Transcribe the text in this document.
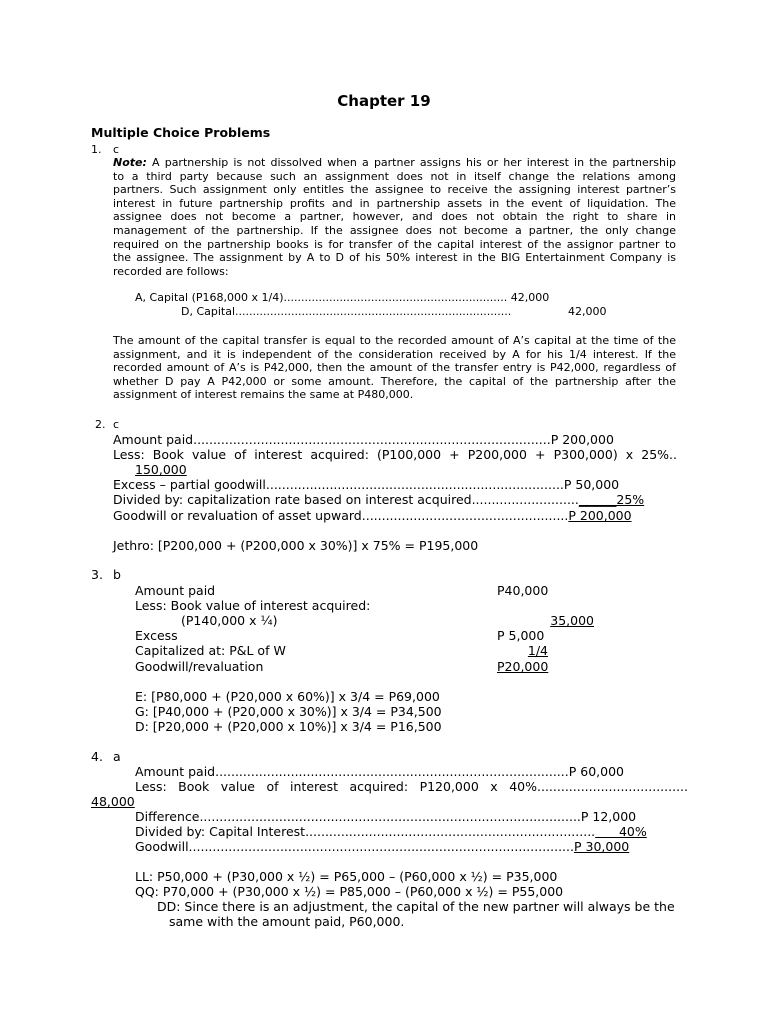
Chapter 19
Multiple Choice Problems
1. c
Note: A partnership is not dissolved when a partner assigns his or her interest in the partnership
to a third party because such an assignment does not in itself change the relations among
partners. Such assignment only entitles the assignee to receive the assigning interest partner’s
interest in future partnership profits and in partnership assets in the event of liquidation. The
assignee does not become a partner, however, and does not obtain the right to share in
management of the partnership. If the assignee does not become a partner, the only change
required on the partnership books is for transfer of the capital interest of the assignor partner to
the assignee. The assignment by A to D of his 50% interest in the BIG Entertainment Company is
recorded are follows:
A, Capital (P168,000 x 1/4)................................................................ 42,000
D, Capital...............................................................................	42,000
The amount of the capital transfer is equal to the recorded amount of A’s capital at the time of the
assignment, and it is independent of the consideration received by A for his 1/4 interest. If the
recorded amount of A’s is P42,000, then the amount of the transfer entry is P42,000, regardless of
whether D pay A P42,000 or some amount. Therefore, the capital of the partnership after the
assignment of interest remains the same at P480,000.
2. c
Amount paid..........................................................................................P 200,000
Less: Book value of interest acquired: (P100,000 + P200,000 + P300,000) x 25%..
150,000
Excess – partial goodwill...........................................................................P 50,000
Divided by: capitalization rate based on interest acquired...........................______25%
Goodwill or revaluation of asset upward....................................................P 200,000
Jethro: [P200,000 + (P200,000 x 30%)] x 75% = P195,000
3. b
Amount paid	P40,000
Less: Book value of interest acquired:
(P140,000 x ¼)	35,000
Excess	P 5,000
Capitalized at: P&L of W	1/4
Goodwill/revaluation	P20,000
E: [P80,000 + (P20,000 x 60%)] x 3/4 = P69,000
G: [P40,000 + (P20,000 x 30%)] x 3/4 = P34,500
D: [P20,000 + (P20,000 x 10%)] x 3/4 = P16,500
4. a
Amount paid.........................................................................................P 60,000
Less: Book value of interest acquired: P120,000 x 40%......................................
48,000
Difference................................................................................................P 12,000
Divided by: Capital Interest.........................................................................      40%
Goodwill.................................................................................................P 30,000
LL: P50,000 + (P30,000 x ½) = P65,000 – (P60,000 x ½) = P35,000
QQ: P70,000 + (P30,000 x ½) = P85,000 – (P60,000 x ½) = P55,000
DD: Since there is an adjustment, the capital of the new partner will always be the
same with the amount paid, P60,000.
